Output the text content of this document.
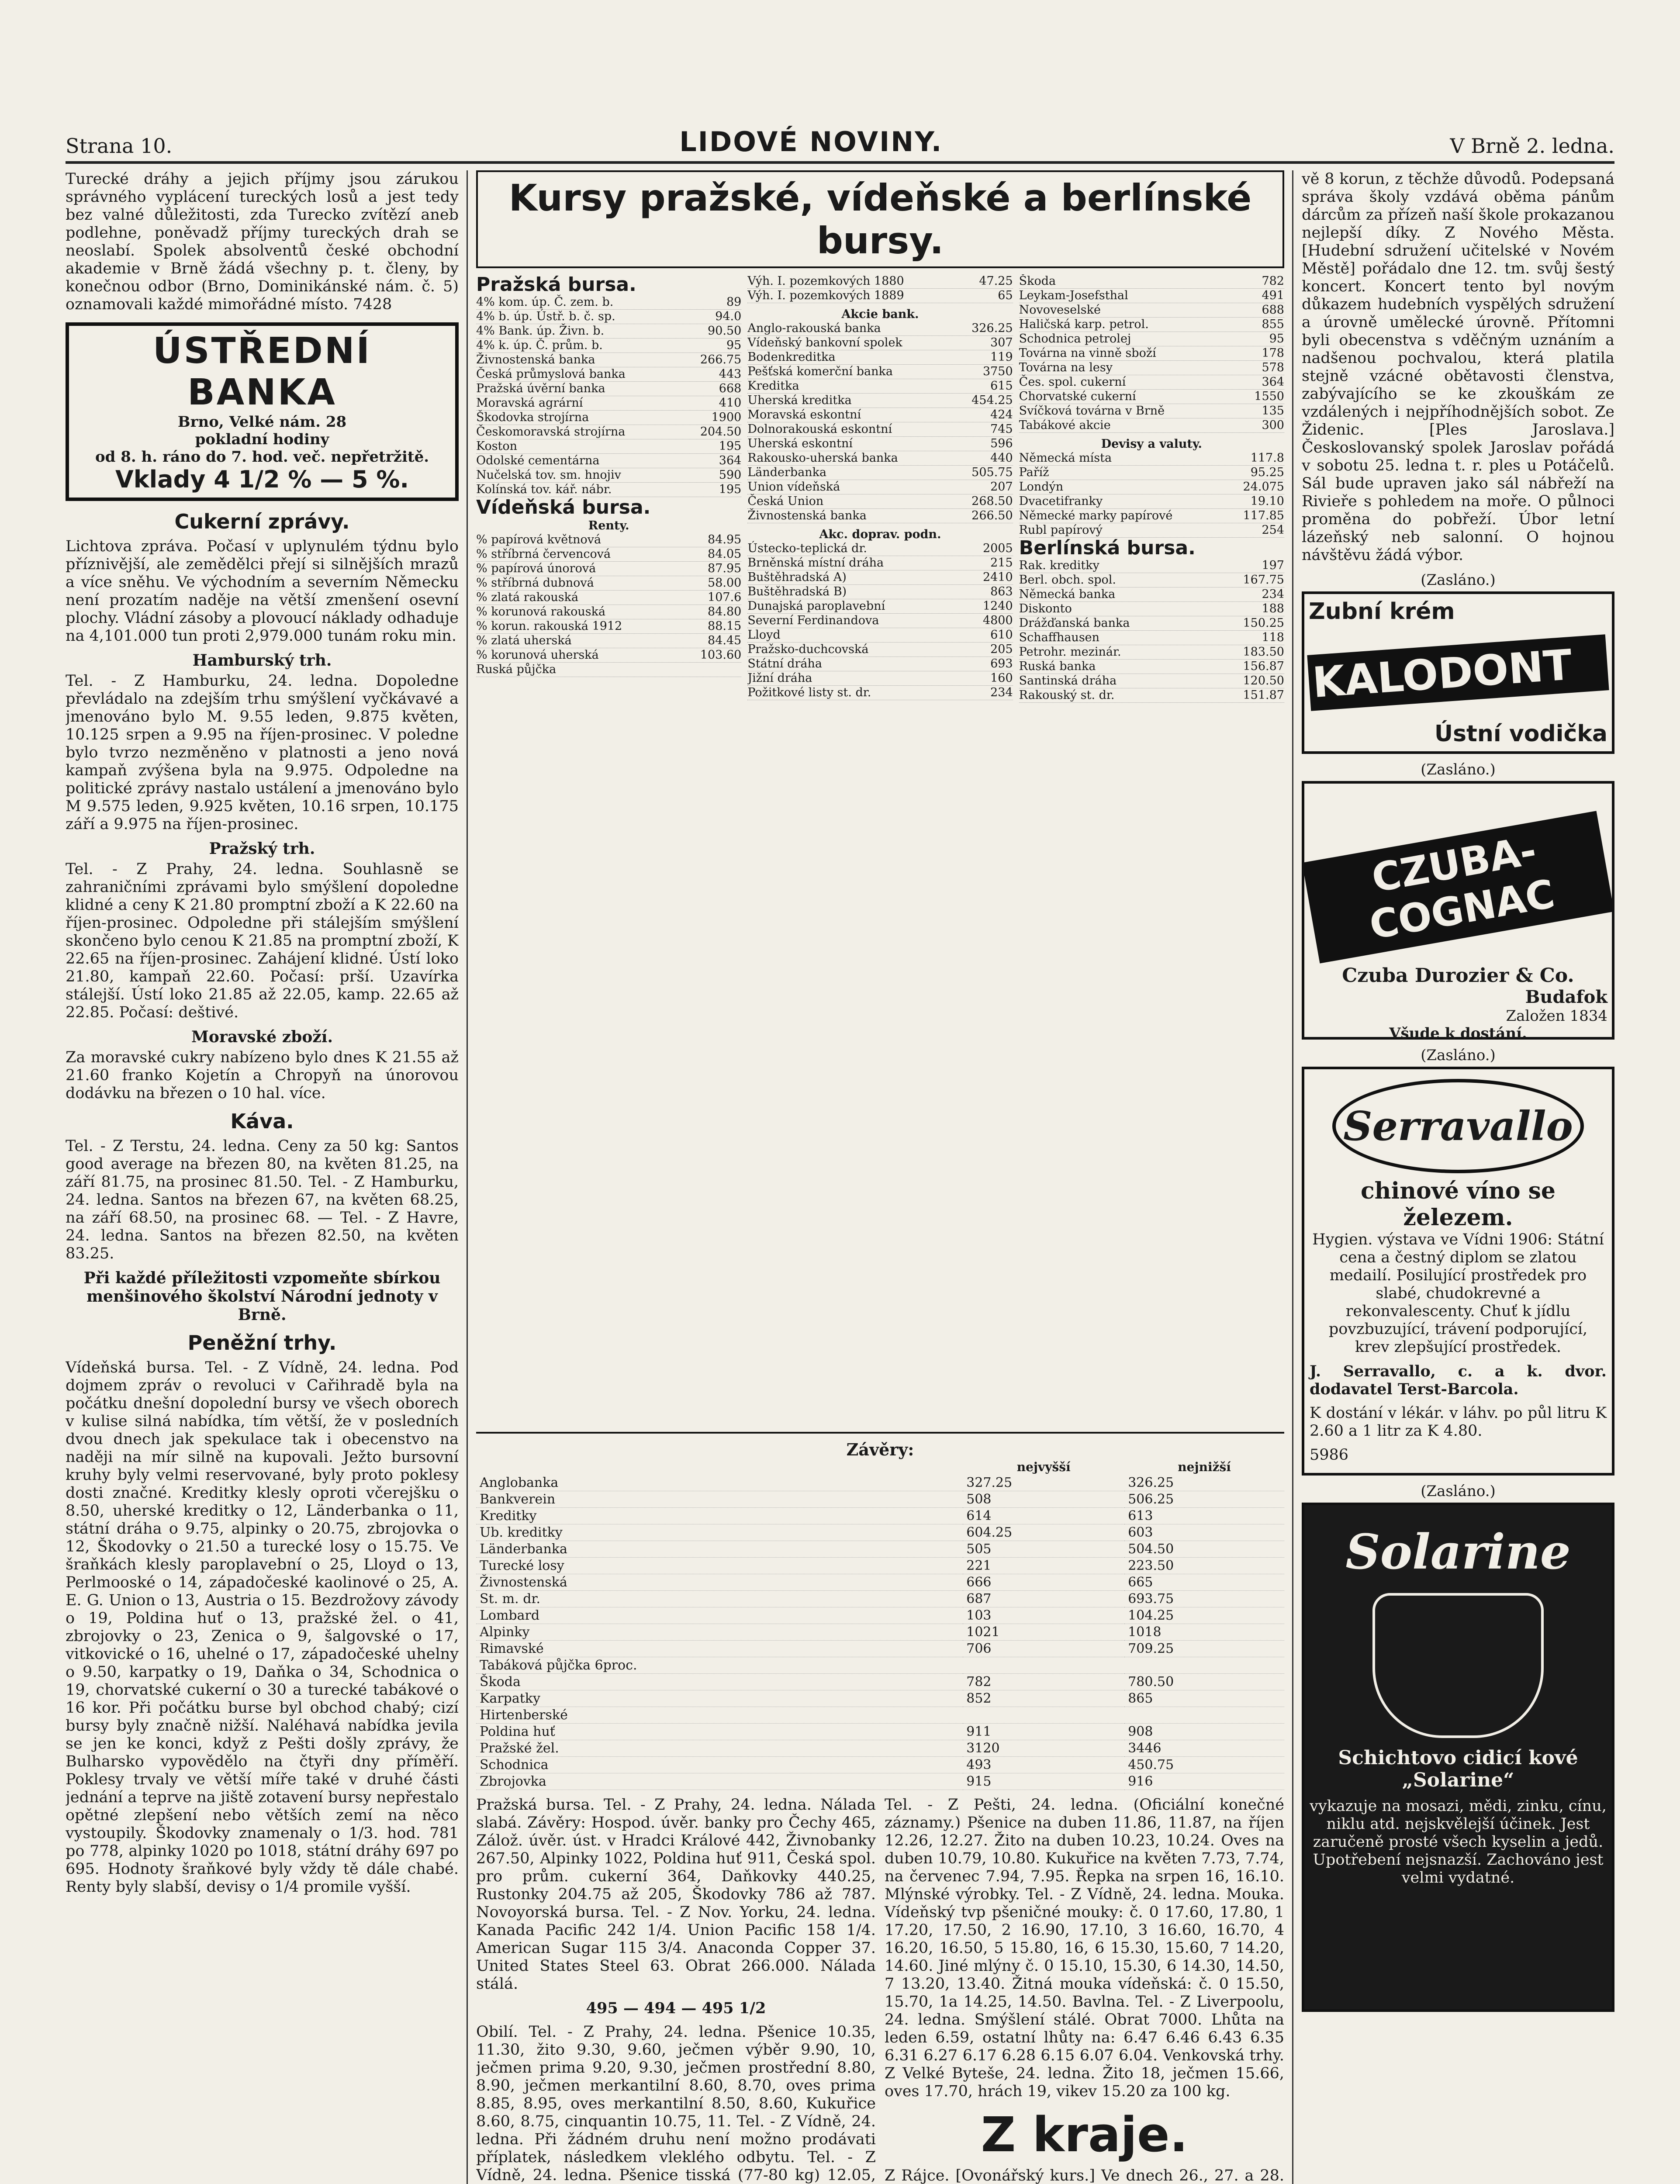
Strana 10.	LIDOVÉ NOVINY.	V Brně 2. ledna.

Turecké dráhy a jejich příjmy jsou zárukou správného vyplácení tureckých losů a jest tedy bez valné důležitosti, zda Turecko zvítězí aneb podlehne, poněvadž příjmy tureckých drah se neoslabí. Spolek absolventů české obchodní akademie v Brně žádá všechny p. t. členy, by konečnou odbor (Brno, Dominikánské nám. č. 5) oznamovali každé mimořádné místo. 7428

ÚSTŘEDNÍ BANKA
Brno, Velké nám. 28
pokladní hodiny
od 8. h. ráno do 7. hod. več. nepřetržitě.
Vklady 4 1/2 % — 5 %.
Cukerní zprávy.

Lichtova zpráva. Počasí v uplynulém týdnu bylo příznivější, ale zemědělci přejí si silnějších mrazů a více sněhu. Ve východním a severním Německu není prozatím naděje na větší zmenšení osevní plochy. Vládní zásoby a plovoucí náklady odhaduje na 4,101.000 tun proti 2,979.000 tunám roku min.

Hamburský trh.

Tel. - Z Hamburku, 24. ledna. Dopoledne převládalo na zdejším trhu smýšlení vyčkávavé a jmenováno bylo M. 9.55 leden, 9.875 květen, 10.125 srpen a 9.95 na říjen-prosinec. V poledne bylo tvrzo nezměněno v platnosti a jeno nová kampaň zvýšena byla na 9.975. Odpoledne na politické zprávy nastalo ustálení a jmenováno bylo M 9.575 leden, 9.925 květen, 10.16 srpen, 10.175 září a 9.975 na říjen-prosinec.

Pražský trh.

Tel. - Z Prahy, 24. ledna. Souhlasně se zahraničními zprávami bylo smýšlení dopoledne klidné a ceny K 21.80 promptní zboží a K 22.60 na říjen-prosinec. Odpoledne při stálejším smýšlení skončeno bylo cenou K 21.85 na promptní zboží, K 22.65 na říjen-prosinec. Zahájení klidné. Ústí loko 21.80, kampaň 22.60. Počasí: prší. Uzavírka stálejší. Ústí loko 21.85 až 22.05, kamp. 22.65 až 22.85. Počasí: deštivé.

Moravské zboží.

Za moravské cukry nabízeno bylo dnes K 21.55 až 21.60 franko Kojetín a Chropyň na únorovou dodávku na březen o 10 hal. více.

Káva.

Tel. - Z Terstu, 24. ledna. Ceny za 50 kg: Santos good average na březen 80, na květen 81.25, na září 81.75, na prosinec 81.50. Tel. - Z Hamburku, 24. ledna. Santos na březen 67, na květen 68.25, na září 68.50, na prosinec 68. — Tel. - Z Havre, 24. ledna. Santos na březen 82.50, na květen 83.25.

Při každé příležitosti vzpomeňte sbírkou menšinového školství Národní jednoty v Brně.
Peněžní trhy.

Vídeňská bursa. Tel. - Z Vídně, 24. ledna. Pod dojmem zpráv o revoluci v Cařihradě byla na počátku dnešní dopolední bursy ve všech oborech v kulise silná nabídka, tím větší, že v posledních dvou dnech jak spekulace tak i obecenstvo na naději na mír silně na kupovali. Ježto bursovní kruhy byly velmi reservované, byly proto poklesy dosti značné. Kreditky klesly oproti včerejšku o 8.50, uherské kreditky o 12, Länderbanka o 11, státní dráha o 9.75, alpinky o 20.75, zbrojovka o 12, Škodovky o 21.50 a turecké losy o 15.75. Ve šraňkách klesly paroplavební o 25, Lloyd o 13, Perlmooské o 14, západočeské kaolinové o 25, A. E. G. Union o 13, Austria o 15. Bezdrožovy závody o 19, Poldina huť o 13, pražské žel. o 41, zbrojovky o 23, Zenica o 9, šalgovské o 17, vitkovické o 16, uhelné o 17, západočeské uhelny o 9.50, karpatky o 19, Daňka o 34, Schodnica o 19, chorvatské cukerní o 30 a turecké tabákové o 16 kor. Při počátku burse byl obchod chabý; cizí bursy byly značně nižší. Naléhavá nabídka jevila se jen ke konci, když z Pešti došly zprávy, že Bulharsko vypovědělo na čtyři dny příměří. Poklesy trvaly ve větší míře také v druhé části jednání a teprve na jiště zotavení bursy nepřestalo opětné zlepšení nebo větších zemí na něco vystoupily. Škodovky znamenaly o 1/3. hod. 781 po 778, alpinky 1020 po 1018, státní dráhy 697 po 695. Hodnoty šraňkové byly vždy tě dále chabé. Renty byly slabší, devisy o 1/4 promile vyšší.

Kursy pražské, vídeňské a berlínské bursy.
Pražská bursa.
4% kom. úp. Č. zem. b.	89
4% b. úp. Ústř. b. č. sp.	94.0
4% Bank. úp. Živn. b.	90.50
4% k. úp. Č. prům. b.	95
Živnostenská banka	266.75
Česká průmyslová banka	443
Pražská úvěrní banka	668
Moravská agrární	410
Škodovka strojírna	1900
Českomoravská strojírna	204.50
Koston	195
Odolské cementárna	364
Nučelská tov. sm. hnojiv	590
Kolínská tov. kář. nábr.	195
Vídeňská bursa.
Renty.
% papírová květnová	84.95
% stříbrná červencová	84.05
% papírová únorová	87.95
% stříbrná dubnová	58.00
% zlatá rakouská	107.6
% korunová rakouská	84.80
% korun. rakouská 1912	88.15
% zlatá uherská	84.45
% korunová uherská	103.60
Ruská půjčka
Výh. I. pozemkových 1880	47.25
Výh. I. pozemkových 1889	65
Akcie bank.
Anglo-rakouská banka	326.25
Vídeňský bankovní spolek	307
Bodenkreditka	119
Pešťská komerční banka	3750
Kreditka	615
Uherská kreditka	454.25
Moravská eskontní	424
Dolnorakouská eskontní	745
Uherská eskontní	596
Rakousko-uherská banka	440
Länderbanka	505.75
Union vídeňská	207
Česká Union	268.50
Živnostenská banka	266.50
Akc. doprav. podn.
Ústecko-teplická dr.	2005
Brněnská místní dráha	215
Buštěhradská A)	2410
Buštěhradská B)	863
Dunajská paroplavební	1240
Severní Ferdinandova	4800
Lloyd	610
Pražsko-duchcovská	205
Státní dráha	693
Jižní dráha	160
Požitkové listy st. dr.	234
Škoda	782
Leykam-Josefsthal	491
Novoveselské	688
Haličská karp. petrol.	855
Schodnica petrolej	95
Továrna na vinně sboží	178
Továrna na lesy	578
Čes. spol. cukerní	364
Chorvatské cukerní	1550
Svíčková továrna v Brně	135
Tabákové akcie	300
Devisy a valuty.
Německá místa	117.8
Paříž	95.25
Londýn	24.075
Dvacetifranky	19.10
Německé marky papírové	117.85
Rubl papírový	254
Berlínská bursa.
Rak. kreditky	197
Berl. obch. spol.	167.75
Německá banka	234
Diskonto	188
Drážďanská banka	150.25
Schaffhausen	118
Petrohr. mezinár.	183.50
Ruská banka	156.87
Santinská dráha	120.50
Rakouský st. dr.	151.87
Závěry:
	nejvyšší	nejnižší
Anglobanka	327.25	326.25
Bankverein	508	506.25
Kreditky	614	613
Ub. kreditky	604.25	603
Länderbanka	505	504.50
Turecké losy	221	223.50
Živnostenská	666	665
St. m. dr.	687	693.75
Lombard	103	104.25
Alpinky	1021	1018
Rimavské	706	709.25
Tabáková půjčka 6proc.		
Škoda	782	780.50
Karpatky	852	865
Hirtenberské		
Poldina huť	911	908
Pražské žel.	3120	3446
Schodnica	493	450.75
Zbrojovka	915	916

Pražská bursa. Tel. - Z Prahy, 24. ledna. Nálada slabá. Závěry: Hospod. úvěr. banky pro Čechy 465, Zálož. úvěr. úst. v Hradci Králové 442, Živnobanky 267.50, Alpinky 1022, Poldina huť 911, Česká spol. pro prům. cukerní 364, Daňkovky 440.25, Rustonky 204.75 až 205, Škodovky 786 až 787. Novoyorská bursa. Tel. - Z Nov. Yorku, 24. ledna. Kanada Pacific 242 1/4. Union Pacific 158 1/4. American Sugar 115 3/4. Anaconda Copper 37. United States Steel 63. Obrat 266.000. Nálada stálá.

495 — 494 — 495 1/2

Obilí. Tel. - Z Prahy, 24. ledna. Pšenice 10.35, 11.30, žito 9.30, 9.60, ječmen výběr 9.90, 10, ječmen prima 9.20, 9.30, ječmen prostřední 8.80, 8.90, ječmen merkantilní 8.60, 8.70, oves prima 8.85, 8.95, oves merkantilní 8.50, 8.60, Kukuřice 8.60, 8.75, cinquantin 10.75, 11. Tel. - Z Vídně, 24. ledna. Při žádném druhu není možno prodávati příplatek, následkem vleklého odbytu. Tel. - Z Vídně, 24. ledna. Pšenice tisská (77-80 kg) 12.05,

Tel. - Z Pešti, 24. ledna. (Oficiální konečné záznamy.) Pšenice na duben 11.86, 11.87, na říjen 12.26, 12.27. Žito na duben 10.23, 10.24. Oves na duben 10.79, 10.80. Kukuřice na květen 7.73, 7.74, na červenec 7.94, 7.95. Řepka na srpen 16, 16.10. Mlýnské výrobky. Tel. - Z Vídně, 24. ledna. Mouka. Vídeňský tvp pšeničné mouky: č. 0 17.60, 17.80, 1 17.20, 17.50, 2 16.90, 17.10, 3 16.60, 16.70, 4 16.20, 16.50, 5 15.80, 16, 6 15.30, 15.60, 7 14.20, 14.60. Jiné mlýny č. 0 15.10, 15.30, 6 14.30, 14.50, 7 13.20, 13.40. Žitná mouka vídeňská: č. 0 15.50, 15.70, 1a 14.25, 14.50. Bavlna. Tel. - Z Liverpoolu, 24. ledna. Smýšlení stálé. Obrat 7000. Lhůta na leden 6.59, ostatní lhůty na: 6.47 6.46 6.43 6.35 6.31 6.27 6.17 6.28 6.15 6.07 6.04. Venkovská trhy. Z Velké Byteše, 24. ledna. Žito 18, ječmen 15.66, oves 17.70, hrách 19, vikev 15.20 za 100 kg.

Z kraje.

Z Rájce. [Ovonářský kurs.] Ve dnech 26., 27. a 28.

vě 8 korun, z těchže důvodů. Podepsaná správa školy vzdává oběma pánům dárcům za přízeň naší škole prokazanou nejlepší díky. Z Nového Města. [Hudební sdružení učitelské v Novém Městě] pořádalo dne 12. tm. svůj šestý koncert. Koncert tento byl novým důkazem hudebních vyspělých sdružení a úrovně umělecké úrovně. Přítomni byli obecenstva s vděčným uznáním a nadšenou pochvalou, která platila stejně vzácné obětavosti členstva, zabývajícího se ke zkouškám ze vzdálených i nejpříhodnějších sobot. Ze Židenic. [Ples Jaroslava.] Českoslovanský spolek Jaroslav pořádá v sobotu 25. ledna t. r. ples u Potáčelů. Sál bude upraven jako sál nábřeží na Rivieře s pohledem na moře. O půlnoci proměna do pobřeží. Úbor letní lázeňský neb salonní. O hojnou návštěvu žádá výbor.

(Zasláno.)
Zubní krém
KALODONT
Ústní vodička
(Zasláno.)
CZUBA-COGNAC
Czuba Durozier & Co.
Budafok
Založen 1834
Všude k dostání.
(Zasláno.)
Serravallo
chinové víno se železem.

Hygien. výstava ve Vídni 1906: Státní cena a čestný diplom se zlatou medailí. Posilující prostředek pro slabé, chudokrevné a rekonvalescenty. Chuť k jídlu povzbuzující, trávení podporující, krev zlepšující prostředek.

J. Serravallo, c. a k. dvor. dodavatel Terst-Barcola.

K dostání v lékár. v láhv. po půl litru K 2.60 a 1 litr za K 4.80.

5986

(Zasláno.)
Solarine
Schichtovo cidicí kové „Solarine“

vykazuje na mosazi, mědi, zinku, cínu, niklu atd. nejskvělejší účinek. Jest zaručeně prosté všech kyselin a jedů. Upotřebení nejsnazší. Zachováno jest velmi vydatné.
